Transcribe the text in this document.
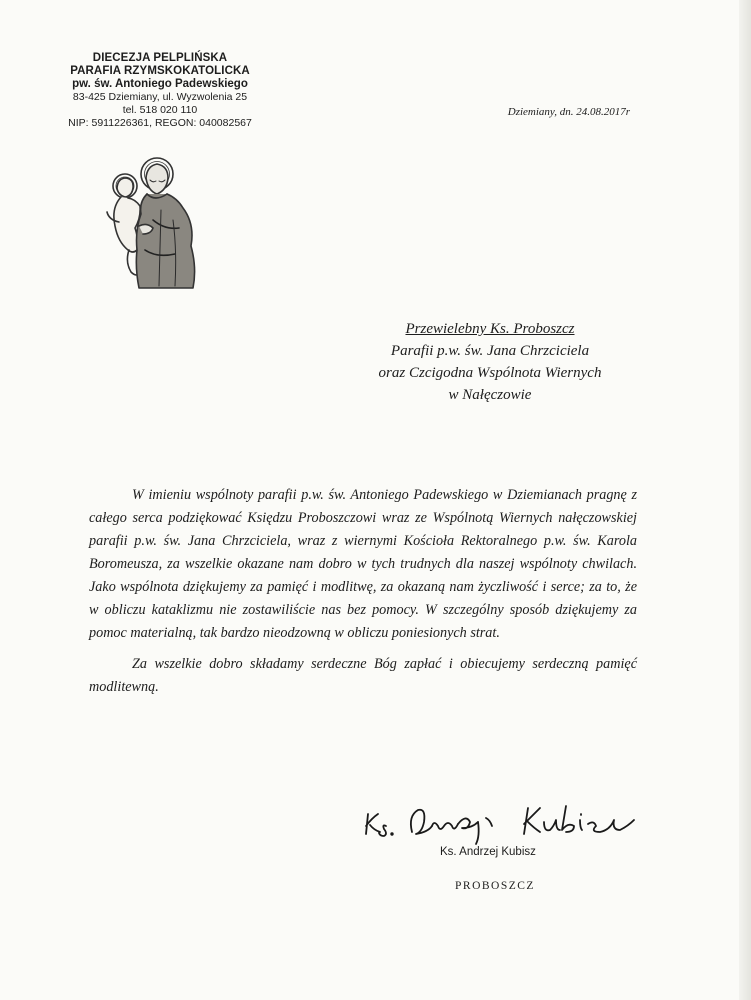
DIECEZJA PELPLIŃSKA
PARAFIA RZYMSKOKATOLICKA
pw. św. Antoniego Padewskiego
83-425 Dziemiany, ul. Wyzwolenia 25
tel. 518 020 110
NIP: 5911226361, REGON: 040082567
Dziemiany, dn. 24.08.2017r
Przewielebny Ks. Proboszcz
Parafii p.w. św. Jana Chrzciciela
oraz Czcigodna Wspólnota Wiernych
w Nałęczowie

W imieniu wspólnoty parafii p.w. św. Antoniego Padewskiego w Dziemianach pragnę z całego serca podziękować Księdzu Proboszczowi wraz ze Wspólnotą Wiernych nałęczowskiej parafii p.w. św. Jana Chrzciciela, wraz z wiernymi Kościoła Rektoralnego p.w. św. Karola Boromeusza, za wszelkie okazane nam dobro w tych trudnych dla naszej wspólnoty chwilach. Jako wspólnota dziękujemy za pamięć i modlitwę, za okazaną nam życzliwość i serce; za to, że w obliczu kataklizmu nie zostawiliście nas bez pomocy. W szczególny sposób dziękujemy za pomoc materialną, tak bardzo nieodzowną w obliczu poniesionych strat.

Za wszelkie dobro składamy serdeczne Bóg zapłać i obiecujemy serdeczną pamięć modlitewną.

Ks. Andrzej Kubisz
PROBOSZCZ
